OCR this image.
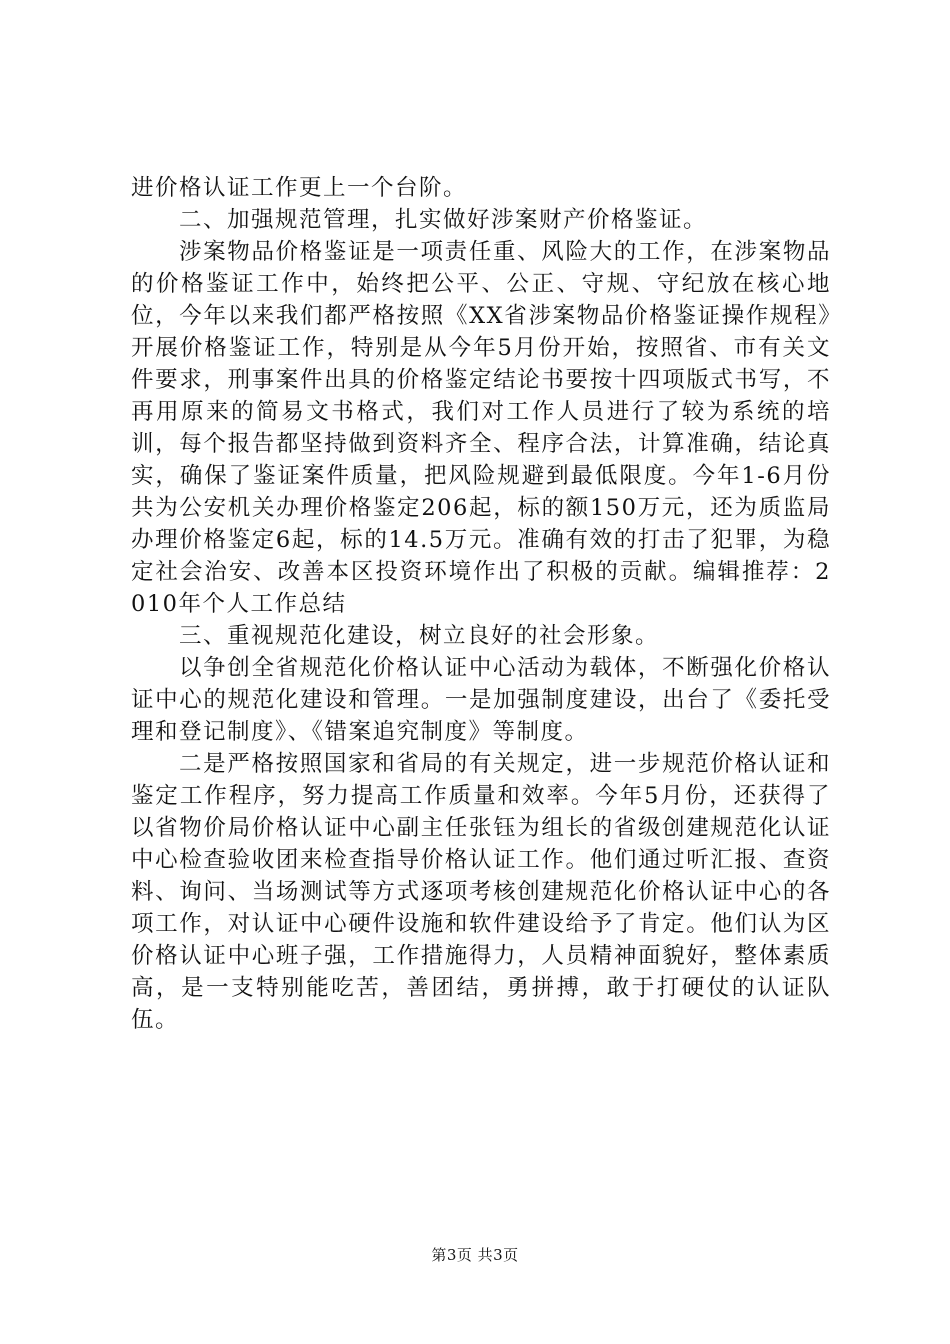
进价格认证工作更上一个台阶。

二、加强规范管理，扎实做好涉案财产价格鉴证。

涉案物品价格鉴证是一项责任重、风险大的工作，在涉案物品的价格鉴证工作中，始终把公平、公正、守规、守纪放在核心地位，今年以来我们都严格按照《XX省涉案物品价格鉴证操作规程》开展价格鉴证工作，特别是从今年5月份开始，按照省、市有关文件要求，刑事案件出具的价格鉴定结论书要按十四项版式书写，不再用原来的简易文书格式，我们对工作人员进行了较为系统的培训，每个报告都坚持做到资料齐全、程序合法，计算准确，结论真实，确保了鉴证案件质量，把风险规避到最低限度。今年1-6月份共为公安机关办理价格鉴定206起，标的额150万元，还为质监局办理价格鉴定6起，标的14.5万元。准确有效的打击了犯罪，为稳定社会治安、改善本区投资环境作出了积极的贡献。编辑推荐：2010年个人工作总结

三、重视规范化建设，树立良好的社会形象。

以争创全省规范化价格认证中心活动为载体，不断强化价格认证中心的规范化建设和管理。一是加强制度建设，出台了《委托受理和登记制度》、《错案追究制度》等制度。

二是严格按照国家和省局的有关规定，进一步规范价格认证和鉴定工作程序，努力提高工作质量和效率。今年5月份，还获得了以省物价局价格认证中心副主任张钰为组长的省级创建规范化认证中心检查验收团来检查指导价格认证工作。他们通过听汇报、查资料、询问、当场测试等方式逐项考核创建规范化价格认证中心的各项工作，对认证中心硬件设施和软件建设给予了肯定。他们认为区价格认证中心班子强，工作措施得力，人员精神面貌好，整体素质高，是一支特别能吃苦，善团结，勇拼搏，敢于打硬仗的认证队伍。

第3页 共3页
